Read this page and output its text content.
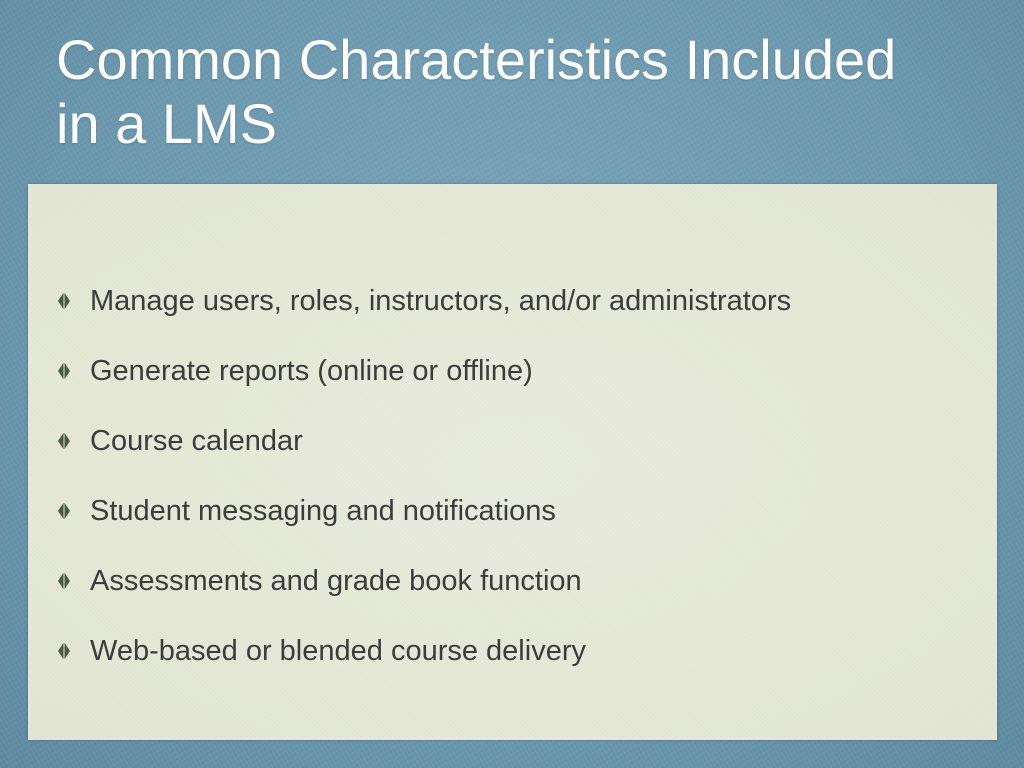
Common Characteristics Included
in a LMS
Manage users, roles, instructors, and/or administrators
Generate reports (online or offline)
Course calendar
Student messaging and notifications
Assessments and grade book function
Web-based or blended course delivery
